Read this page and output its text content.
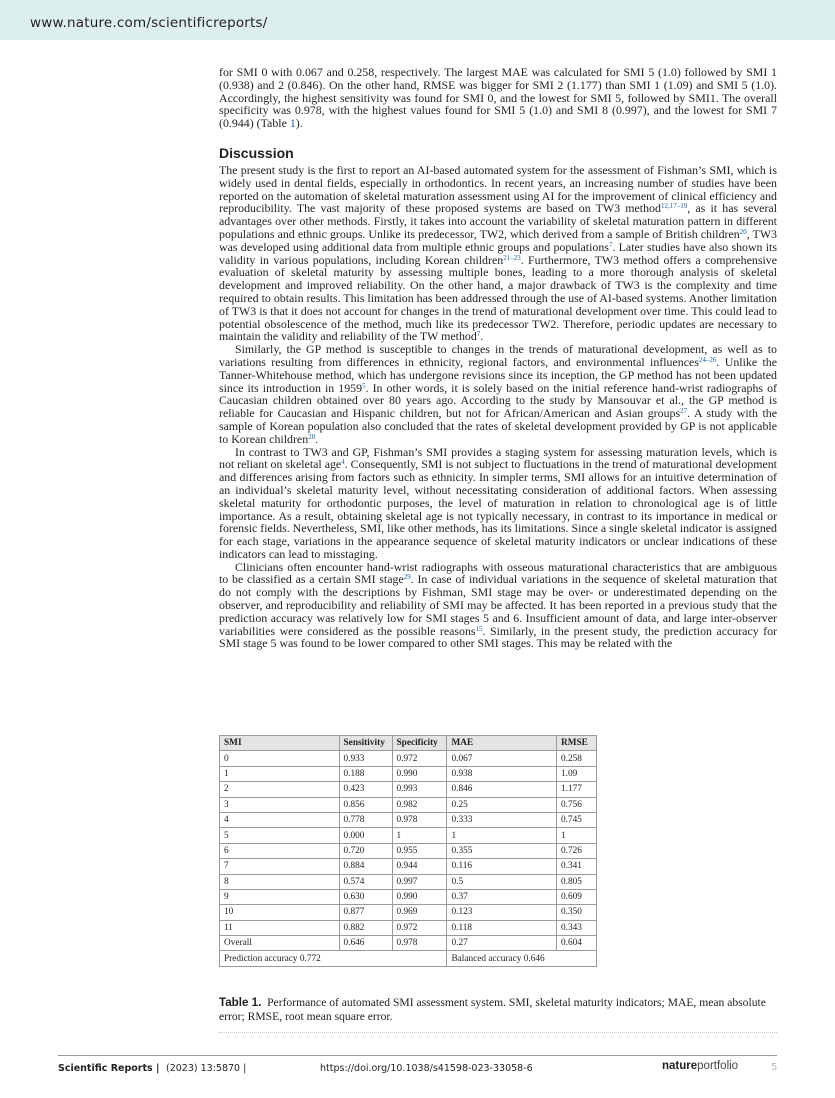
www.nature.com/scientificreports/

for SMI 0 with 0.067 and 0.258, respectively. The largest MAE was calculated for SMI 5 (1.0) followed by SMI 1 (0.938) and 2 (0.846). On the other hand, RMSE was bigger for SMI 2 (1.177) than SMI 1 (1.09) and SMI 5 (1.0). Accordingly, the highest sensitivity was found for SMI 0, and the lowest for SMI 5, followed by SMI1. The overall specificity was 0.978, with the highest values found for SMI 5 (1.0) and SMI 8 (0.997), and the lowest for SMI 7 (0.944) (Table 1).

Discussion

The present study is the first to report an AI-based automated system for the assessment of Fishman’s SMI, which is widely used in dental fields, especially in orthodontics. In recent years, an increasing number of studies have been reported on the automation of skeletal maturation assessment using AI for the improvement of clinical efficiency and reproducibility. The vast majority of these proposed systems are based on TW3 method$^{12,17-19}$, as it has several advantages over other methods. Firstly, it takes into account the variability of skeletal maturation pattern in different populations and ethnic groups. Unlike its predecessor, TW2, which derived from a sample of British children$^{20}$, TW3 was developed using additional data from multiple ethnic groups and populations$^7$. Later studies have also shown its validity in various populations, including Korean children$^{21-23}$. Furthermore, TW3 method offers a comprehensive evaluation of skeletal maturity by assessing multiple bones, leading to a more thorough analysis of skeletal development and improved reliability. On the other hand, a major drawback of TW3 is the complexity and time required to obtain results. This limitation has been addressed through the use of AI-based systems. Another limitation of TW3 is that it does not account for changes in the trend of maturational development over time. This could lead to potential obsolescence of the method, much like its predecessor TW2. Therefore, periodic updates are necessary to maintain the validity and reliability of the TW method$^7$.

Similarly, the GP method is susceptible to changes in the trends of maturational development, as well as to variations resulting from differences in ethnicity, regional factors, and environmental influences$^{24-26}$. Unlike the Tanner-Whitehouse method, which has undergone revisions since its inception, the GP method has not been updated since its introduction in 1959$^5$. In other words, it is solely based on the initial reference hand-wrist radiographs of Caucasian children obtained over 80 years ago. According to the study by Mansouvar et al., the GP method is reliable for Caucasian and Hispanic children, but not for African/American and Asian groups$^{27}$. A study with the sample of Korean population also concluded that the rates of skeletal development provided by GP is not applicable to Korean children$^{28}$.

In contrast to TW3 and GP, Fishman’s SMI provides a staging system for assessing maturation levels, which is not reliant on skeletal age$^4$. Consequently, SMI is not subject to fluctuations in the trend of maturational development and differences arising from factors such as ethnicity. In simpler terms, SMI allows for an intuitive determination of an individual’s skeletal maturity level, without necessitating consideration of additional factors. When assessing skeletal maturity for orthodontic purposes, the level of maturation in relation to chronological age is of little importance. As a result, obtaining skeletal age is not typically necessary, in contrast to its importance in medical or forensic fields. Nevertheless, SMI, like other methods, has its limitations. Since a single skeletal indicator is assigned for each stage, variations in the appearance sequence of skeletal maturity indicators or unclear indications of these indicators can lead to misstaging.

Clinicians often encounter hand-wrist radiographs with osseous maturational characteristics that are ambiguous to be classified as a certain SMI stage$^{29}$. In case of individual variations in the sequence of skeletal maturation that do not comply with the descriptions by Fishman, SMI stage may be over- or underestimated depending on the observer, and reproducibility and reliability of SMI may be affected. It has been reported in a previous study that the prediction accuracy was relatively low for SMI stages 5 and 6. Insufficient amount of data, and large inter-observer variabilities were considered as the possible reasons$^{15}$. Similarly, in the present study, the prediction accuracy for SMI stage 5 was found to be lower compared to other SMI stages. This may be related with the

SMI	Sensitivity	Specificity	MAE	RMSE
0	0.933	0.972	0.067	0.258
1	0.188	0.990	0.938	1.09
2	0.423	0.993	0.846	1.177
3	0.856	0.982	0.25	0.756
4	0.778	0.978	0.333	0.745
5	0.000	1	1	1
6	0.720	0.955	0.355	0.726
7	0.884	0.944	0.116	0.341
8	0.574	0.997	0.5	0.805
9	0.630	0.990	0.37	0.609
10	0.877	0.969	0.123	0.350
11	0.882	0.972	0.118	0.343
Overall	0.646	0.978	0.27	0.604
Prediction accuracy 0.772			Balanced accuracy 0.646	
Table 1. Performance of automated SMI assessment system. SMI, skeletal maturity indicators; MAE, mean absolute error; RMSE, root mean square error.
Scientific Reports | (2023) 13:5870 |	https://doi.org/10.1038/s41598-023-33058-6	natureportfolio	5
